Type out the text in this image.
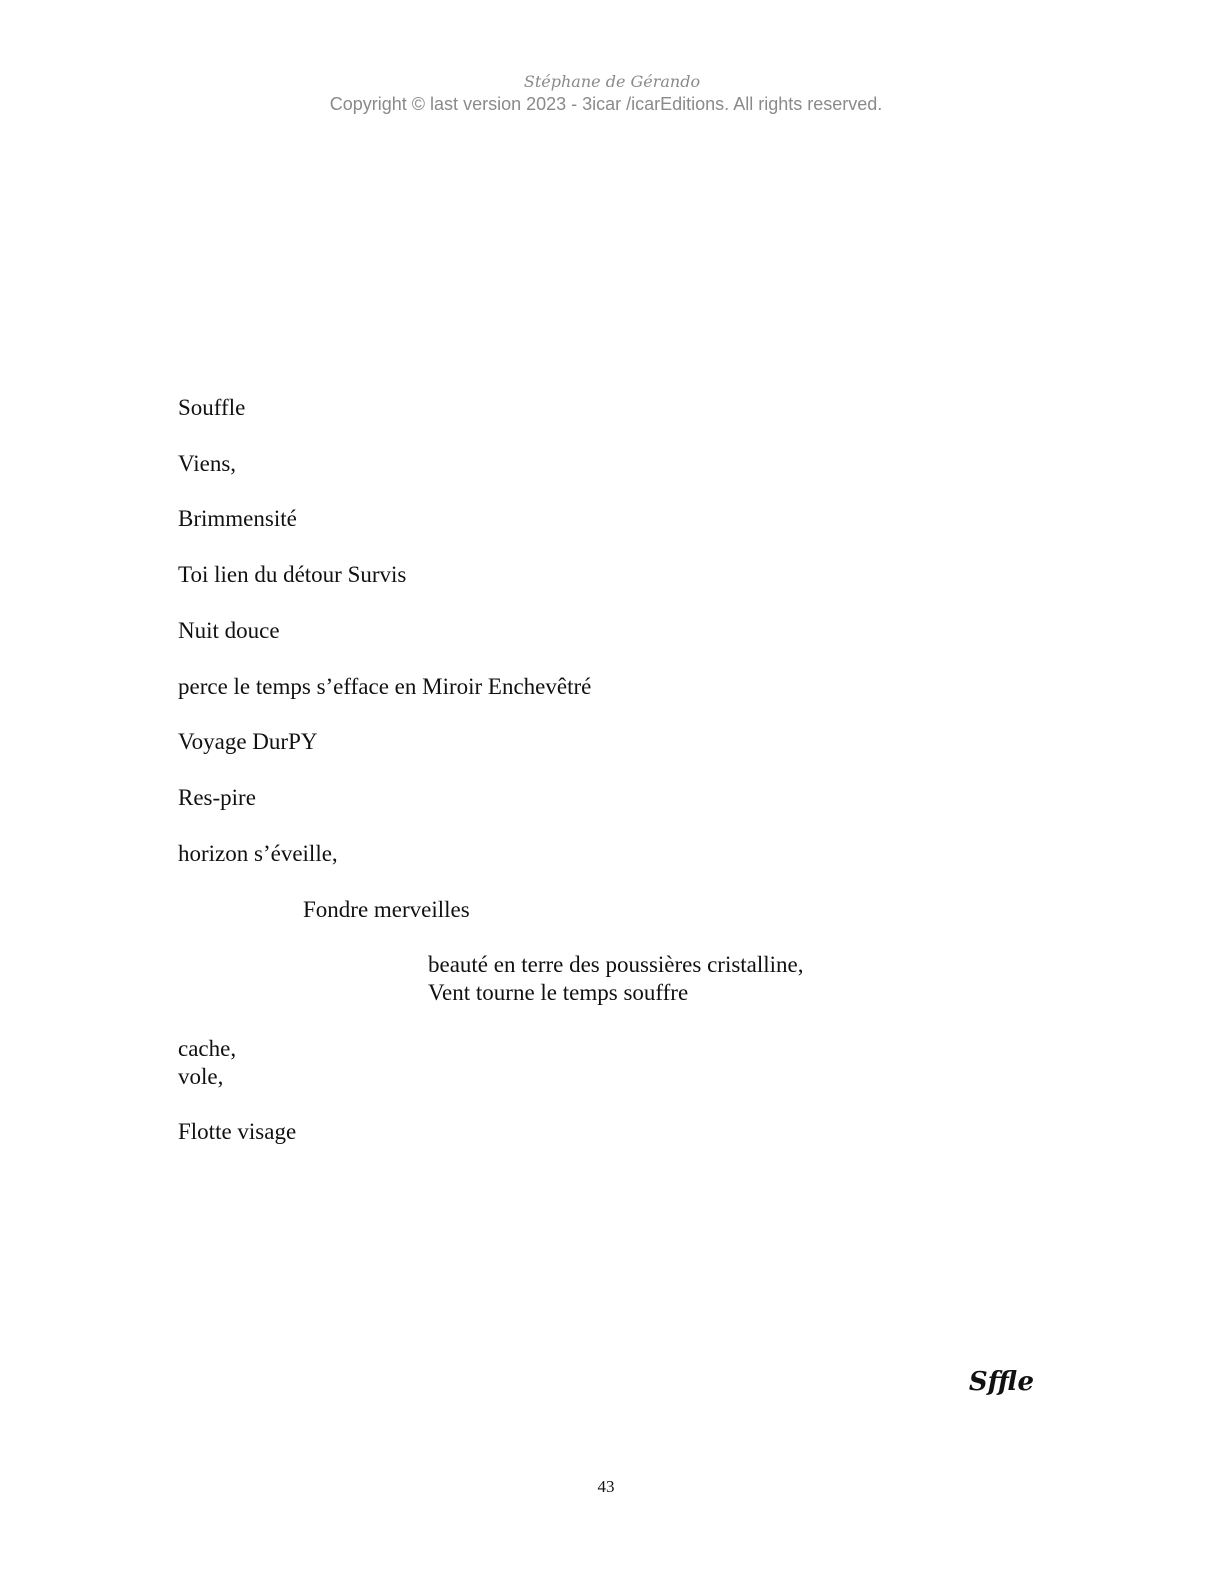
Stéphane de Gérando
Copyright © last version 2023 - 3icar /icarEditions. All rights reserved.
Souffle
Viens,
Brimmensité
Toi lien du détour Survis
Nuit douce
perce le temps s’efface en Miroir Enchevêtré
Voyage DurPY
Res-pire
horizon s’éveille,
Fondre merveilles
beauté en terre des poussières cristalline,
Vent tourne le temps souffre
cache,
vole,
Flotte visage
Sffle
43
